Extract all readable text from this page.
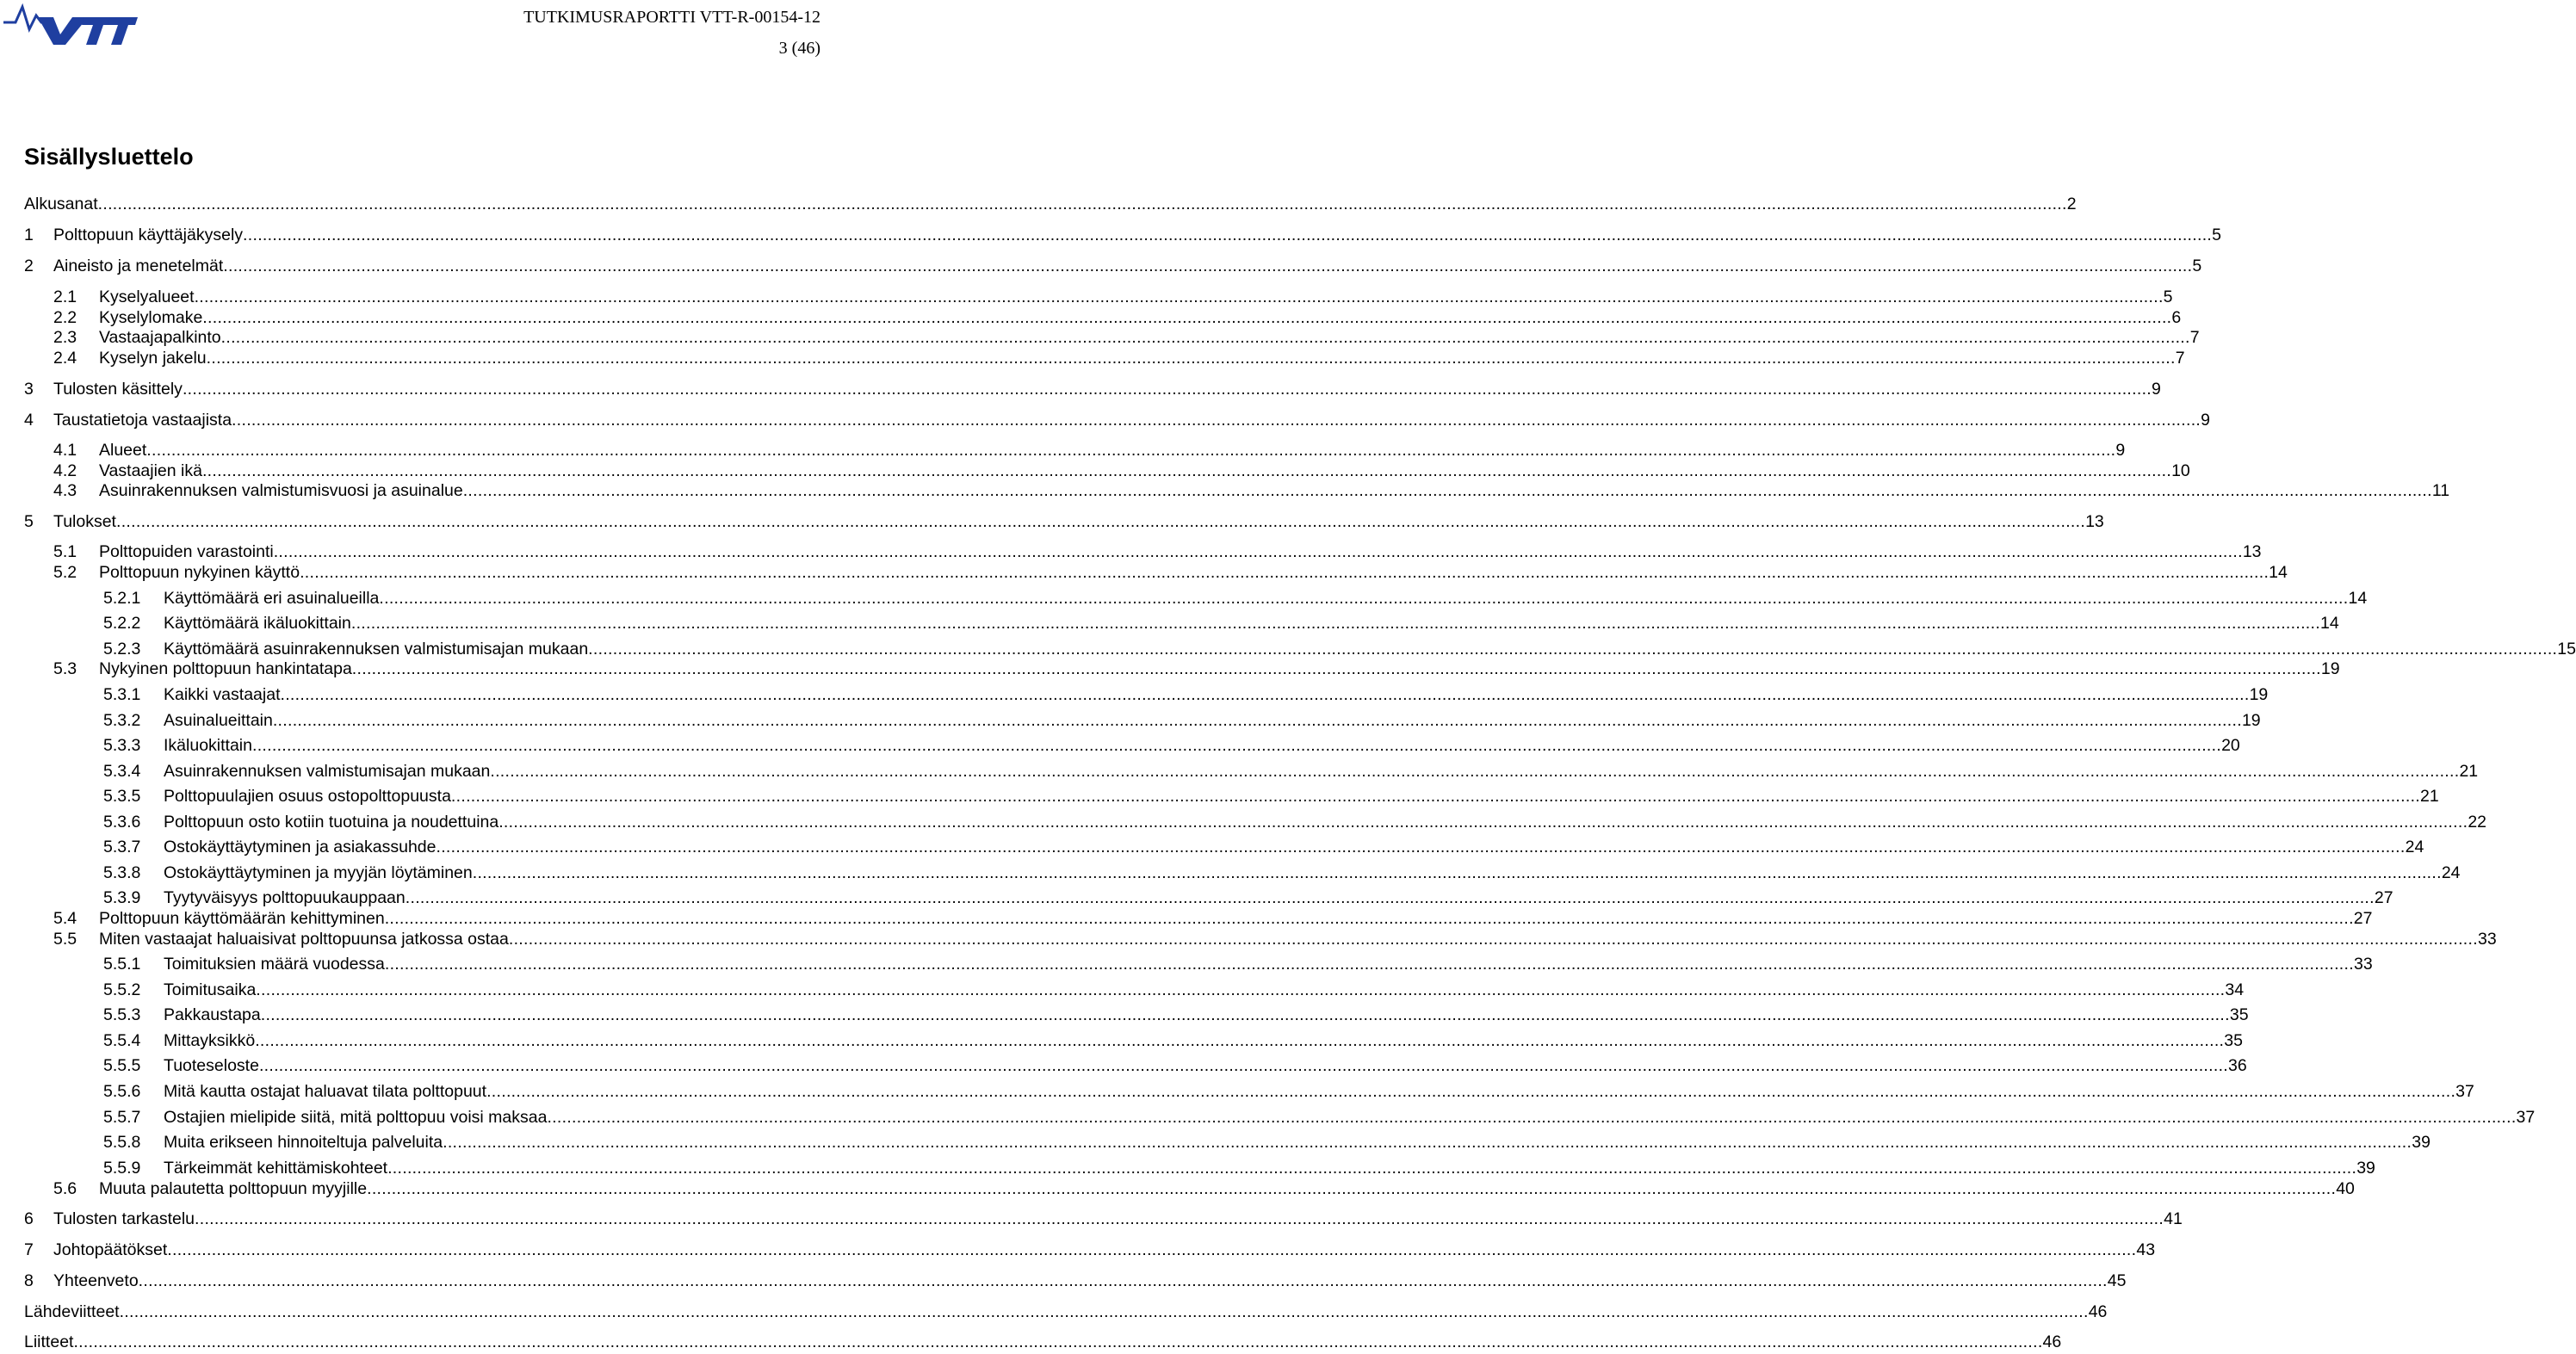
TUTKIMUSRAPORTTI VTT-R-00154-12
3 (46)
Sisällysluettelo
Alkusanat ................................................................................................................................................................................................................................................................................................................................................................................................................ 2
1 Polttopuun käyttäjäkysely ................................................................................................................................................................................................................................................................................................................................................................................................................ 5
2 Aineisto ja menetelmät ................................................................................................................................................................................................................................................................................................................................................................................................................ 5
2.1 Kyselyalueet ................................................................................................................................................................................................................................................................................................................................................................................................................ 5
2.2 Kyselylomake ................................................................................................................................................................................................................................................................................................................................................................................................................ 6
2.3 Vastaajapalkinto ................................................................................................................................................................................................................................................................................................................................................................................................................ 7
2.4 Kyselyn jakelu ................................................................................................................................................................................................................................................................................................................................................................................................................ 7
3 Tulosten käsittely ................................................................................................................................................................................................................................................................................................................................................................................................................ 9
4 Taustatietoja vastaajista ................................................................................................................................................................................................................................................................................................................................................................................................................ 9
4.1 Alueet ................................................................................................................................................................................................................................................................................................................................................................................................................ 9
4.2 Vastaajien ikä ................................................................................................................................................................................................................................................................................................................................................................................................................ 10
4.3 Asuinrakennuksen valmistumisvuosi ja asuinalue ................................................................................................................................................................................................................................................................................................................................................................................................................ 11
5 Tulokset ................................................................................................................................................................................................................................................................................................................................................................................................................ 13
5.1 Polttopuiden varastointi ................................................................................................................................................................................................................................................................................................................................................................................................................ 13
5.2 Polttopuun nykyinen käyttö ................................................................................................................................................................................................................................................................................................................................................................................................................ 14
5.2.1 Käyttömäärä eri asuinalueilla ................................................................................................................................................................................................................................................................................................................................................................................................................ 14
5.2.2 Käyttömäärä ikäluokittain ................................................................................................................................................................................................................................................................................................................................................................................................................ 14
5.2.3 Käyttömäärä asuinrakennuksen valmistumisajan mukaan ................................................................................................................................................................................................................................................................................................................................................................................................................ 15
5.3 Nykyinen polttopuun hankintatapa ................................................................................................................................................................................................................................................................................................................................................................................................................ 19
5.3.1 Kaikki vastaajat ................................................................................................................................................................................................................................................................................................................................................................................................................ 19
5.3.2 Asuinalueittain ................................................................................................................................................................................................................................................................................................................................................................................................................ 19
5.3.3 Ikäluokittain ................................................................................................................................................................................................................................................................................................................................................................................................................ 20
5.3.4 Asuinrakennuksen valmistumisajan mukaan ................................................................................................................................................................................................................................................................................................................................................................................................................ 21
5.3.5 Polttopuulajien osuus ostopolttopuusta ................................................................................................................................................................................................................................................................................................................................................................................................................ 21
5.3.6 Polttopuun osto kotiin tuotuina ja noudettuina ................................................................................................................................................................................................................................................................................................................................................................................................................ 22
5.3.7 Ostokäyttäytyminen ja asiakassuhde ................................................................................................................................................................................................................................................................................................................................................................................................................ 24
5.3.8 Ostokäyttäytyminen ja myyjän löytäminen ................................................................................................................................................................................................................................................................................................................................................................................................................ 24
5.3.9 Tyytyväisyys polttopuukauppaan ................................................................................................................................................................................................................................................................................................................................................................................................................ 27
5.4 Polttopuun käyttömäärän kehittyminen ................................................................................................................................................................................................................................................................................................................................................................................................................ 27
5.5 Miten vastaajat haluaisivat polttopuunsa jatkossa ostaa ................................................................................................................................................................................................................................................................................................................................................................................................................ 33
5.5.1 Toimituksien määrä vuodessa ................................................................................................................................................................................................................................................................................................................................................................................................................ 33
5.5.2 Toimitusaika ................................................................................................................................................................................................................................................................................................................................................................................................................ 34
5.5.3 Pakkaustapa ................................................................................................................................................................................................................................................................................................................................................................................................................ 35
5.5.4 Mittayksikkö ................................................................................................................................................................................................................................................................................................................................................................................................................ 35
5.5.5 Tuoteseloste ................................................................................................................................................................................................................................................................................................................................................................................................................ 36
5.5.6 Mitä kautta ostajat haluavat tilata polttopuut ................................................................................................................................................................................................................................................................................................................................................................................................................ 37
5.5.7 Ostajien mielipide siitä, mitä polttopuu voisi maksaa ................................................................................................................................................................................................................................................................................................................................................................................................................ 37
5.5.8 Muita erikseen hinnoiteltuja palveluita ................................................................................................................................................................................................................................................................................................................................................................................................................ 39
5.5.9 Tärkeimmät kehittämiskohteet ................................................................................................................................................................................................................................................................................................................................................................................................................ 39
5.6 Muuta palautetta polttopuun myyjille ................................................................................................................................................................................................................................................................................................................................................................................................................ 40
6 Tulosten tarkastelu ................................................................................................................................................................................................................................................................................................................................................................................................................ 41
7 Johtopäätökset ................................................................................................................................................................................................................................................................................................................................................................................................................ 43
8 Yhteenveto ................................................................................................................................................................................................................................................................................................................................................................................................................ 45
Lähdeviitteet ................................................................................................................................................................................................................................................................................................................................................................................................................ 46
Liitteet ................................................................................................................................................................................................................................................................................................................................................................................................................ 46
